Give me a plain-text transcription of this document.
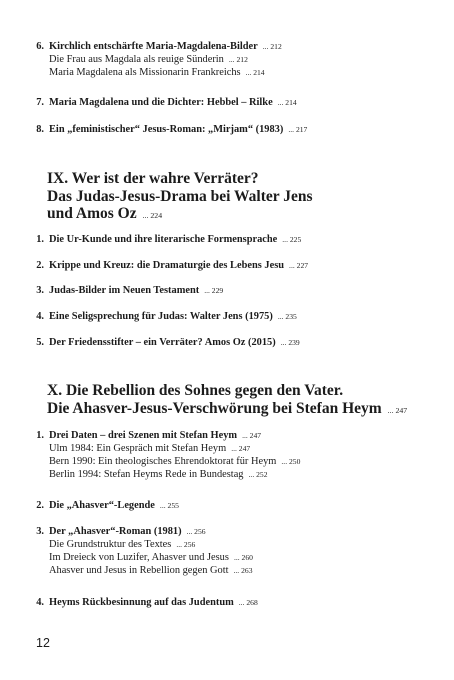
6. Kirchlich entschärfte Maria-Magdalena-Bilder ... 212
Die Frau aus Magdala als reuige Sünderin ... 212
Maria Magdalena als Missionarin Frankreichs ... 214
7. Maria Magdalena und die Dichter: Hebbel – Rilke ... 214
8. Ein „feministischer“ Jesus-Roman: „Mirjam“ (1983) ... 217
IX. Wer ist der wahre Verräter?
Das Judas-Jesus-Drama bei Walter Jens
und Amos Oz ... 224
1. Die Ur-Kunde und ihre literarische Formensprache ... 225
2. Krippe und Kreuz: die Dramaturgie des Lebens Jesu ... 227
3. Judas-Bilder im Neuen Testament ... 229
4. Eine Seligsprechung für Judas: Walter Jens (1975) ... 235
5. Der Friedensstifter – ein Verräter? Amos Oz (2015) ... 239
X. Die Rebellion des Sohnes gegen den Vater.
Die Ahasver-Jesus-Verschwörung bei Stefan Heym ... 247
1. Drei Daten – drei Szenen mit Stefan Heym ... 247
Ulm 1984: Ein Gespräch mit Stefan Heym ... 247
Bern 1990: Ein theologisches Ehrendoktorat für Heym ... 250
Berlin 1994: Stefan Heyms Rede in Bundestag ... 252
2. Die „Ahasver“-Legende ... 255
3. Der „Ahasver“-Roman (1981) ... 256
Die Grundstruktur des Textes ... 256
Im Dreieck von Luzifer, Ahasver und Jesus ... 260
Ahasver und Jesus in Rebellion gegen Gott ... 263
4. Heyms Rückbesinnung auf das Judentum ... 268
12
